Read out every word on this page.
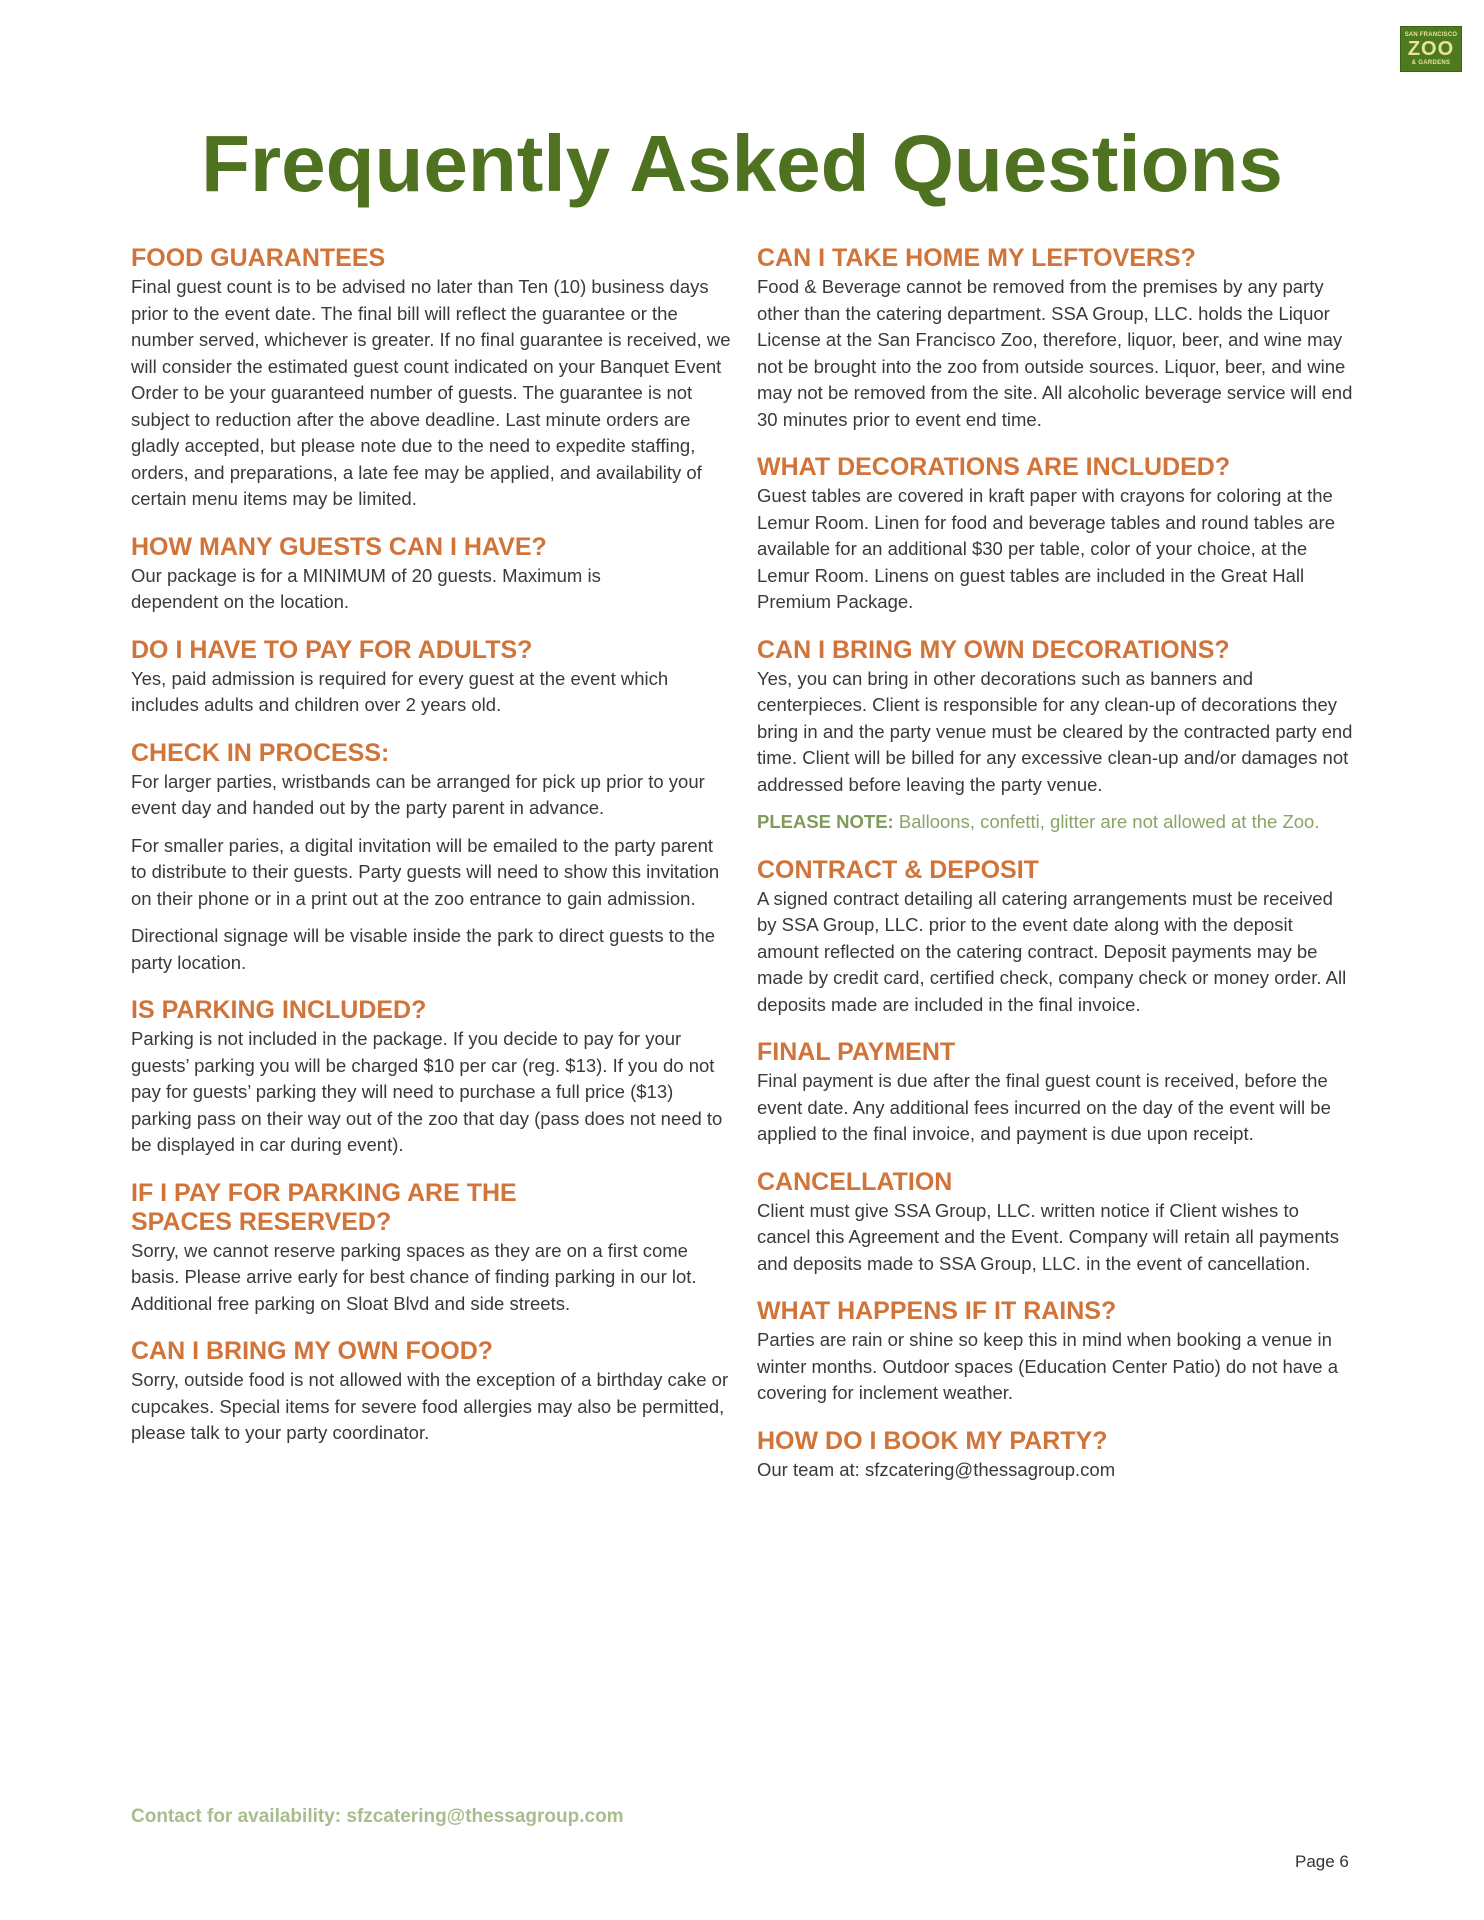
SAN FRANCISCO
ZOO
& GARDENS
Frequently Asked Questions
FOOD GUARANTEES

Final guest count is to be advised no later than Ten (10) business days prior to the event date. The final bill will reflect the guarantee or the number served, whichever is greater. If no final guarantee is received, we will consider the estimated guest count indicated on your Banquet Event Order to be your guaranteed number of guests. The guarantee is not subject to reduction after the above deadline. Last minute orders are gladly accepted, but please note due to the need to expedite staffing, orders, and preparations, a late fee may be applied, and availability of certain menu items may be limited.

HOW MANY GUESTS CAN I HAVE?

Our package is for a MINIMUM of 20 guests. Maximum is dependent on the location.

DO I HAVE TO PAY FOR ADULTS?

Yes, paid admission is required for every guest at the event which includes adults and children over 2 years old.

CHECK IN PROCESS:

For larger parties, wristbands can be arranged for pick up prior to your event day and handed out by the party parent in advance.

For smaller paries, a digital invitation will be emailed to the party parent to distribute to their guests. Party guests will need to show this invitation on their phone or in a print out at the zoo entrance to gain admission.

Directional signage will be visable inside the park to direct guests to the party location.

IS PARKING INCLUDED?

Parking is not included in the package. If you decide to pay for your guests’ parking you will be charged $10 per car (reg. $13). If you do not pay for guests’ parking they will need to purchase a full price ($13) parking pass on their way out of the zoo that day (pass does not need to be displayed in car during event).

IF I PAY FOR PARKING ARE THE SPACES RESERVED?

Sorry, we cannot reserve parking spaces as they are on a first come basis. Please arrive early for best chance of finding parking in our lot. Additional free parking on Sloat Blvd and side streets.

CAN I BRING MY OWN FOOD?

Sorry, outside food is not allowed with the exception of a birthday cake or cupcakes. Special items for severe food allergies may also be permitted, please talk to your party coordinator.

CAN I TAKE HOME MY LEFTOVERS?

Food & Beverage cannot be removed from the premises by any party other than the catering department. SSA Group, LLC. holds the Liquor License at the San Francisco Zoo, therefore, liquor, beer, and wine may not be brought into the zoo from outside sources. Liquor, beer, and wine may not be removed from the site. All alcoholic beverage service will end 30 minutes prior to event end time.

WHAT DECORATIONS ARE INCLUDED?

Guest tables are covered in kraft paper with crayons for coloring at the Lemur Room. Linen for food and beverage tables and round tables are available for an additional $30 per table, color of your choice, at the Lemur Room. Linens on guest tables are included in the Great Hall Premium Package.

CAN I BRING MY OWN DECORATIONS?

Yes, you can bring in other decorations such as banners and centerpieces. Client is responsible for any clean-up of decorations they bring in and the party venue must be cleared by the contracted party end time. Client will be billed for any excessive clean-up and/or damages not addressed before leaving the party venue.

PLEASE NOTE: Balloons, confetti, glitter are not allowed at the Zoo.

CONTRACT & DEPOSIT

A signed contract detailing all catering arrangements must be received by SSA Group, LLC. prior to the event date along with the deposit amount reflected on the catering contract. Deposit payments may be made by credit card, certified check, company check or money order. All deposits made are included in the final invoice.

FINAL PAYMENT

Final payment is due after the final guest count is received, before the event date. Any additional fees incurred on the day of the event will be applied to the final invoice, and payment is due upon receipt.

CANCELLATION

Client must give SSA Group, LLC. written notice if Client wishes to cancel this Agreement and the Event. Company will retain all payments and deposits made to SSA Group, LLC. in the event of cancellation.

WHAT HAPPENS IF IT RAINS?

Parties are rain or shine so keep this in mind when booking a venue in winter months. Outdoor spaces (Education Center Patio) do not have a covering for inclement weather.

HOW DO I BOOK MY PARTY?

Our team at: sfzcatering@thessagroup.com

Contact for availability: sfzcatering@thessagroup.com
Page 6
